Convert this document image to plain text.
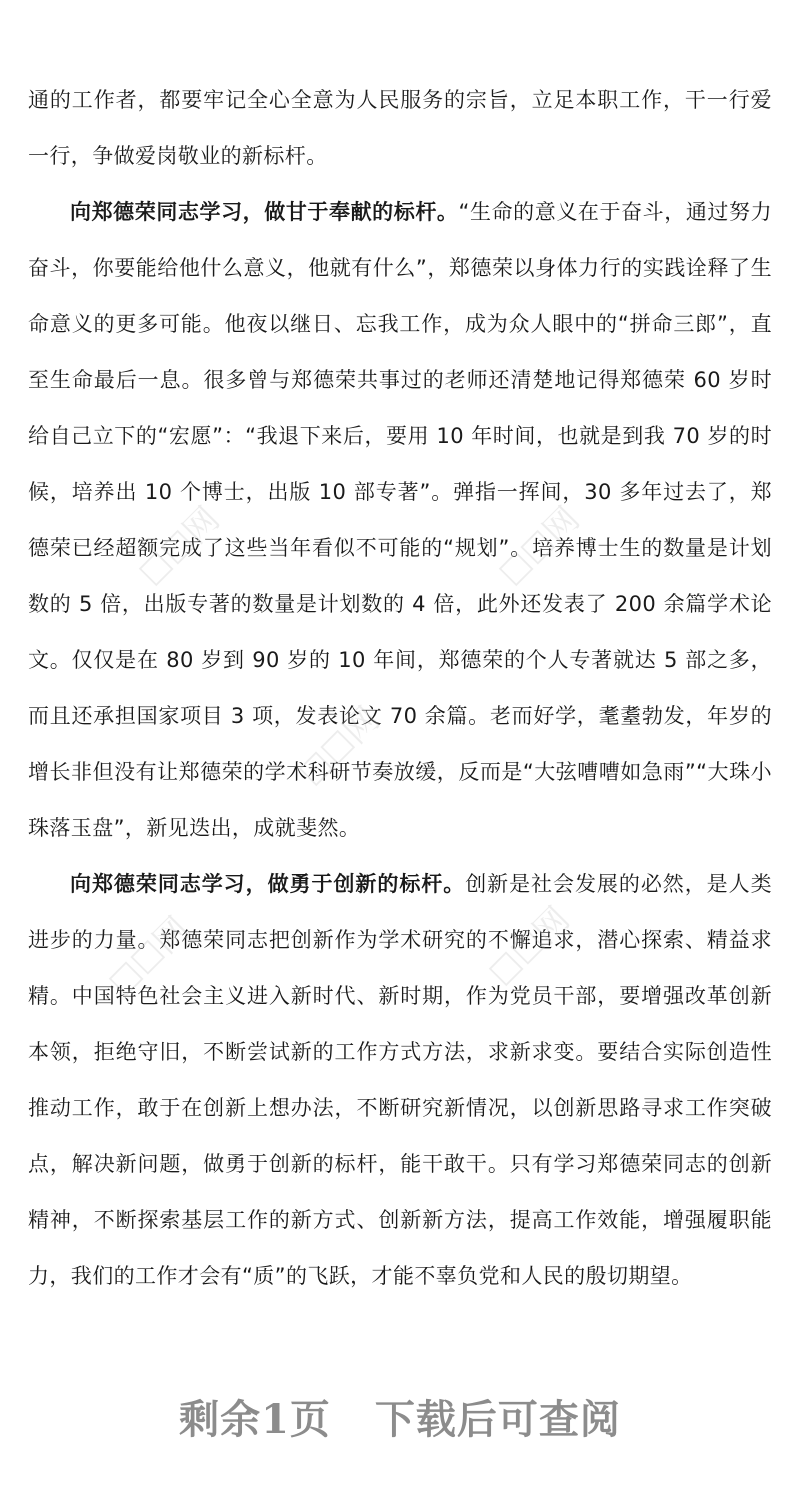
通的工作者，都要牢记全心全意为人民服务的宗旨，立足本职工作，干一行爱一行，争做爱岗敬业的新标杆。

向郑德荣同志学习，做甘于奉献的标杆。“生命的意义在于奋斗，通过努力奋斗，你要能给他什么意义，他就有什么”，郑德荣以身体力行的实践诠释了生命意义的更多可能。他夜以继日、忘我工作，成为众人眼中的“拼命三郎”，直至生命最后一息。很多曾与郑德荣共事过的老师还清楚地记得郑德荣 60 岁时给自己立下的“宏愿”：“我退下来后，要用 10 年时间，也就是到我 70 岁的时候，培养出 10 个博士，出版 10 部专著”。弹指一挥间，30 多年过去了，郑德荣已经超额完成了这些当年看似不可能的“规划”。培养博士生的数量是计划数的 5 倍，出版专著的数量是计划数的 4 倍，此外还发表了 200 余篇学术论文。仅仅是在 80 岁到 90 岁的 10 年间，郑德荣的个人专著就达 5 部之多，而且还承担国家项目 3 项，发表论文 70 余篇。老而好学，耄耋勃发，年岁的增长非但没有让郑德荣的学术科研节奏放缓，反而是“大弦嘈嘈如急雨”“大珠小珠落玉盘”，新见迭出，成就斐然。

向郑德荣同志学习，做勇于创新的标杆。创新是社会发展的必然，是人类进步的力量。郑德荣同志把创新作为学术研究的不懈追求，潜心探索、精益求精。中国特色社会主义进入新时代、新时期，作为党员干部，要增强改革创新本领，拒绝守旧，不断尝试新的工作方式方法，求新求变。要结合实际创造性推动工作，敢于在创新上想办法，不断研究新情况，以创新思路寻求工作突破点，解决新问题，做勇于创新的标杆，能干敢干。只有学习郑德荣同志的创新精神，不断探索基层工作的新方式、创新新方法，提高工作效能，增强履职能力，我们的工作才会有“质”的飞跃，才能不辜负党和人民的殷切期望。

☐☐网	☐☐网
☐☐网
☐☐网	☐☐网
剩余1页 下载后可查阅
